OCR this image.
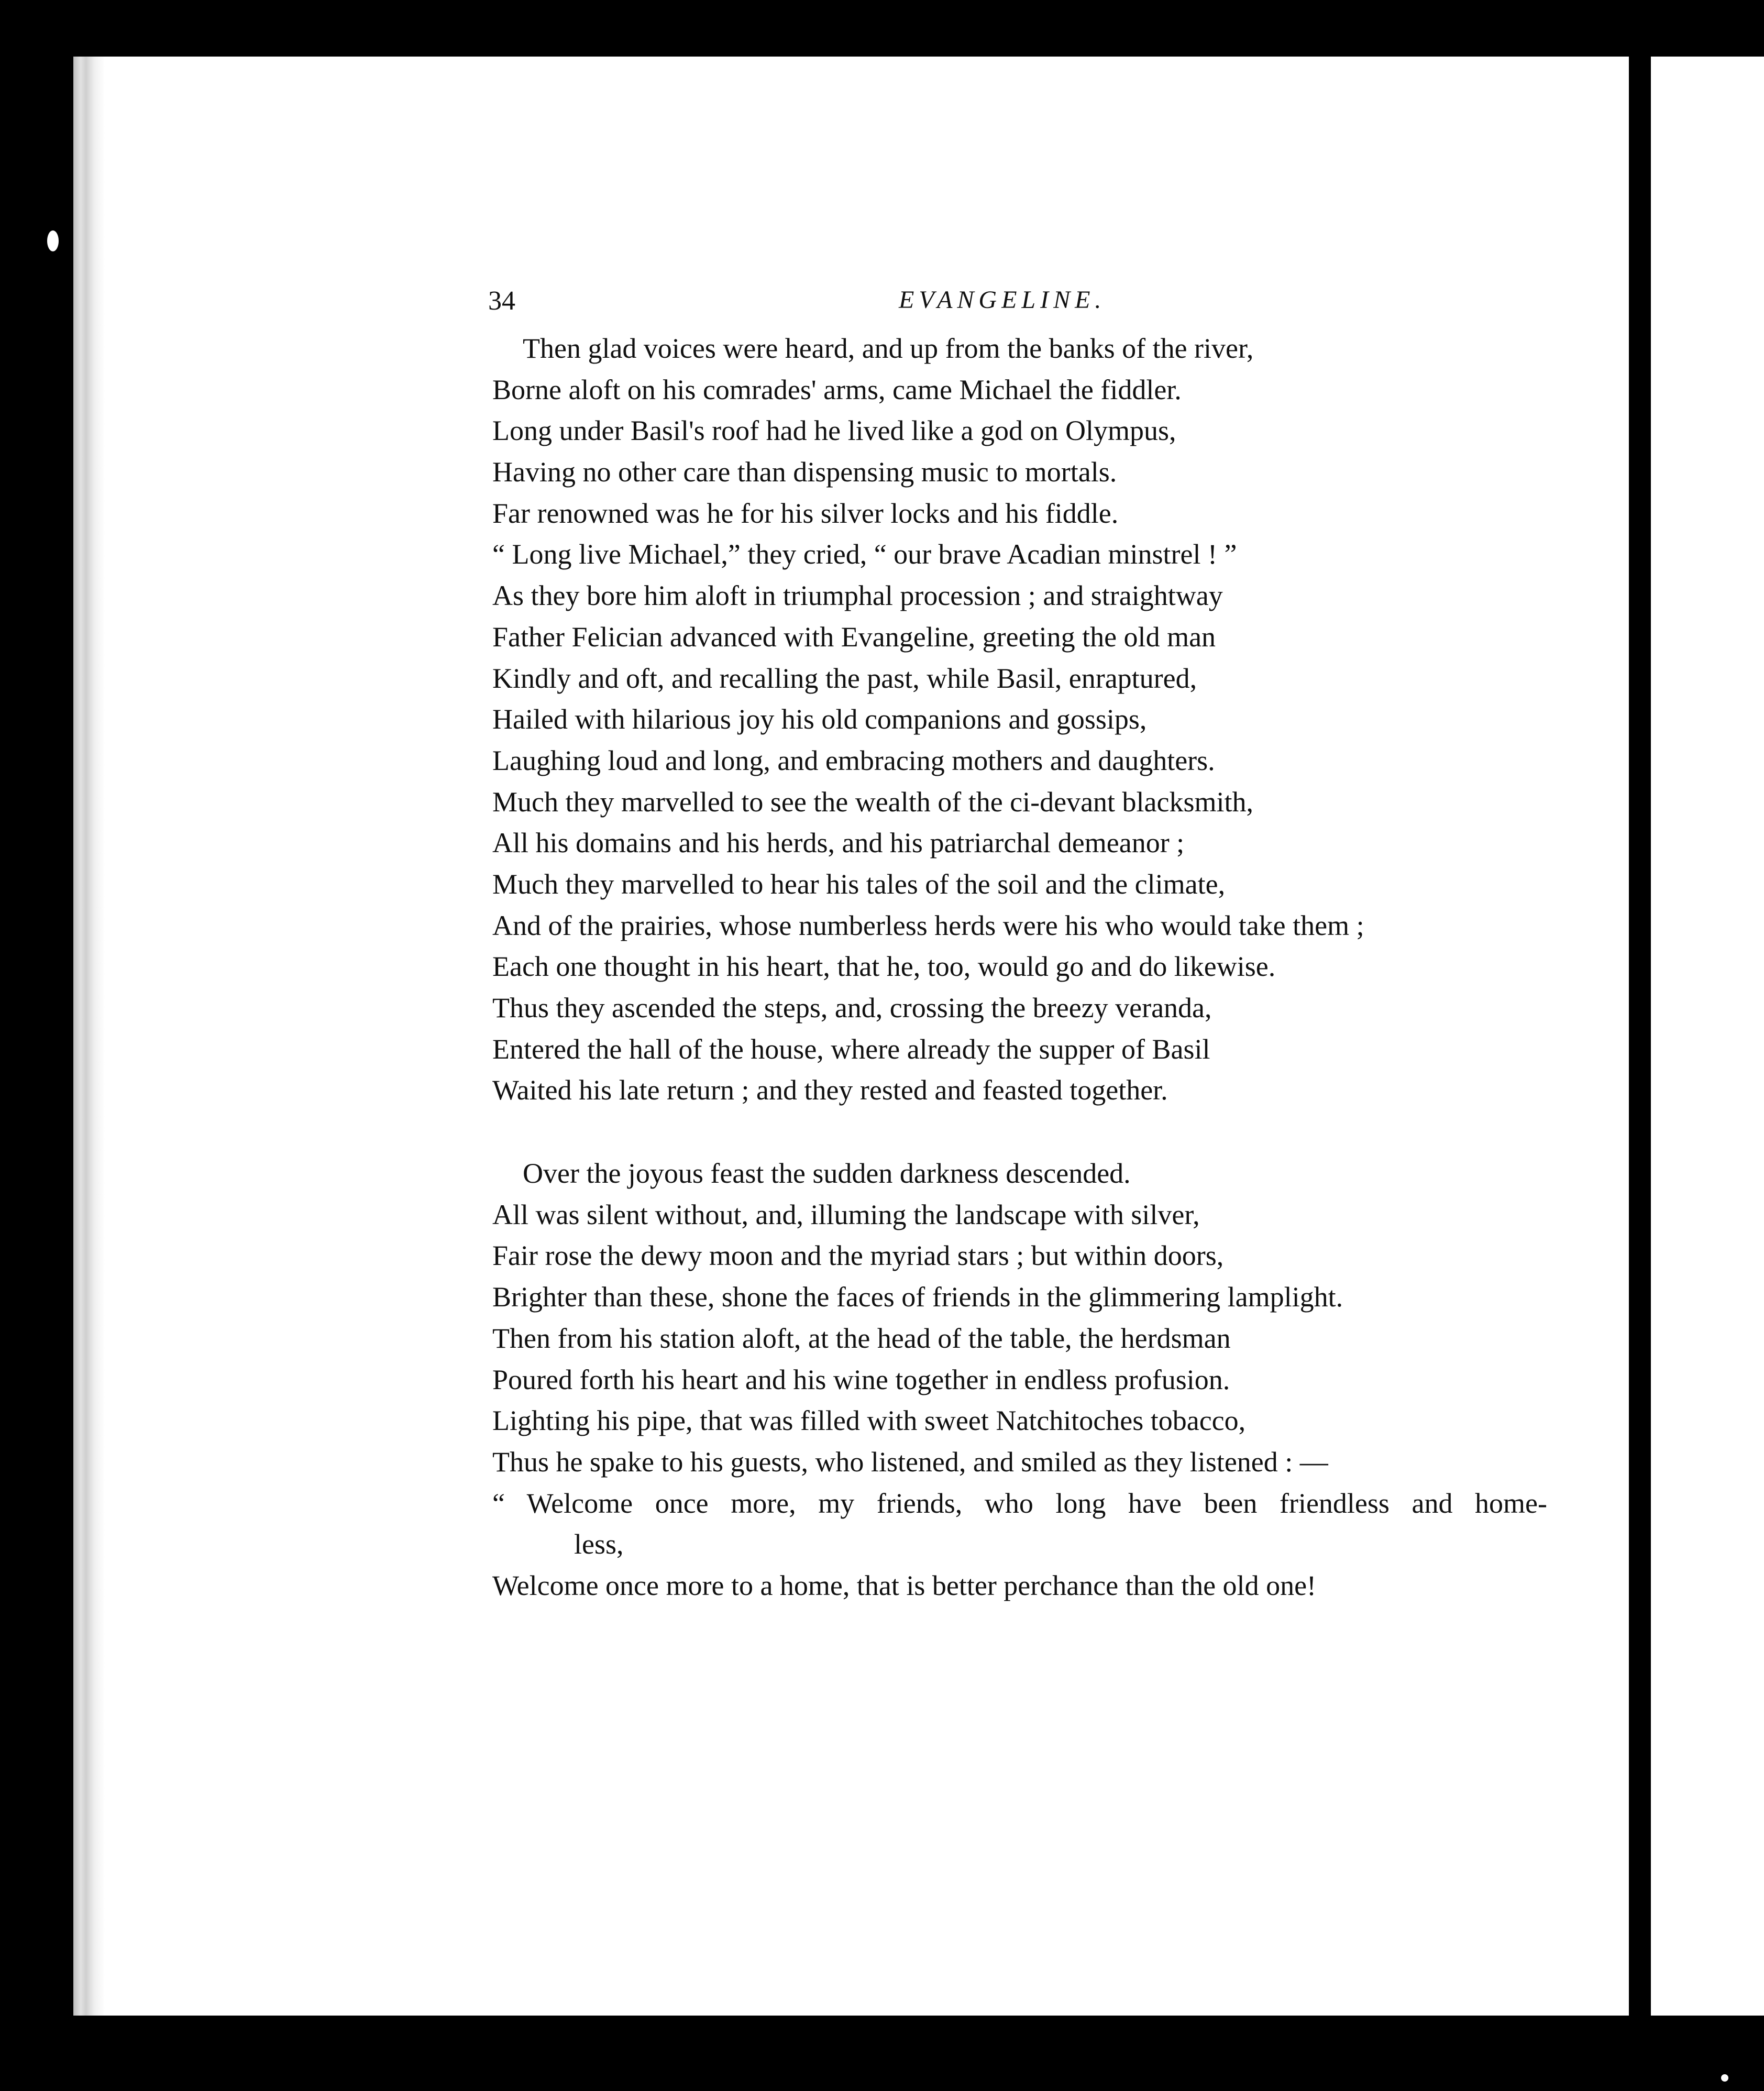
34	EVANGELINE.
Then glad voices were heard, and up from the banks of the river,
Borne aloft on his comrades' arms, came Michael the fiddler.
Long under Basil's roof had he lived like a god on Olympus,
Having no other care than dispensing music to mortals.
Far renowned was he for his silver locks and his fiddle.
“ Long live Michael,” they cried, “ our brave Acadian minstrel ! ”
As they bore him aloft in triumphal procession ; and straightway
Father Felician advanced with Evangeline, greeting the old man
Kindly and oft, and recalling the past, while Basil, enraptured,
Hailed with hilarious joy his old companions and gossips,
Laughing loud and long, and embracing mothers and daughters.
Much they marvelled to see the wealth of the ci-devant blacksmith,
All his domains and his herds, and his patriarchal demeanor ;
Much they marvelled to hear his tales of the soil and the climate,
And of the prairies, whose numberless herds were his who would take them ;
Each one thought in his heart, that he, too, would go and do likewise.
Thus they ascended the steps, and, crossing the breezy veranda,
Entered the hall of the house, where already the supper of Basil
Waited his late return ; and they rested and feasted together.
Over the joyous feast the sudden darkness descended.
All was silent without, and, illuming the landscape with silver,
Fair rose the dewy moon and the myriad stars ; but within doors,
Brighter than these, shone the faces of friends in the glimmering lamplight.
Then from his station aloft, at the head of the table, the herdsman
Poured forth his heart and his wine together in endless profusion.
Lighting his pipe, that was filled with sweet Natchitoches tobacco,
Thus he spake to his guests, who listened, and smiled as they listened : —
“ Welcome once more, my friends, who long have been friendless and home-
less,
Welcome once more to a home, that is better perchance than the old one!
